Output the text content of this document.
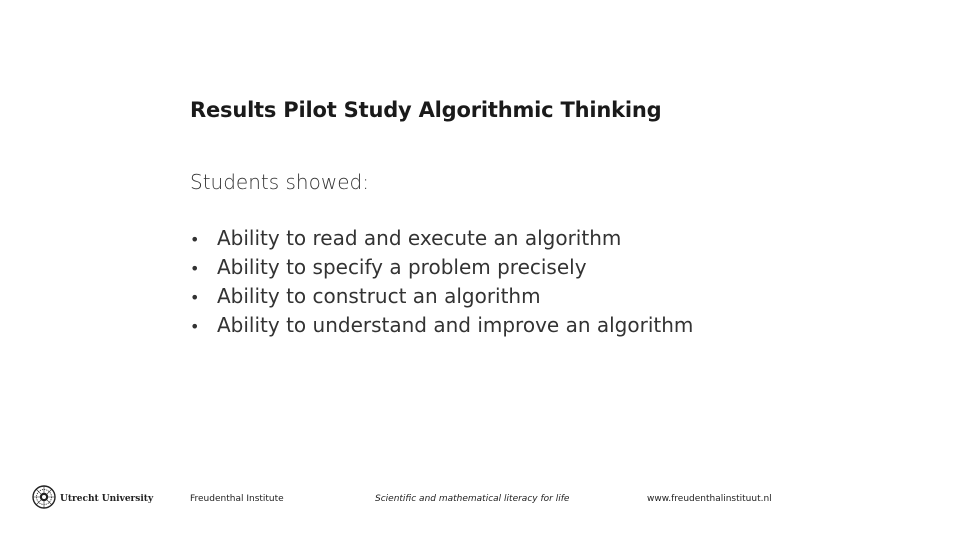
Results Pilot Study Algorithmic Thinking
Students showed:
• Ability to read and execute an algorithm
• Ability to specify a problem precisely
• Ability to construct an algorithm
• Ability to understand and improve an algorithm
Utrecht University	Freudenthal Institute	Scientific and mathematical literacy for life	www.freudenthalinstituut.nl
